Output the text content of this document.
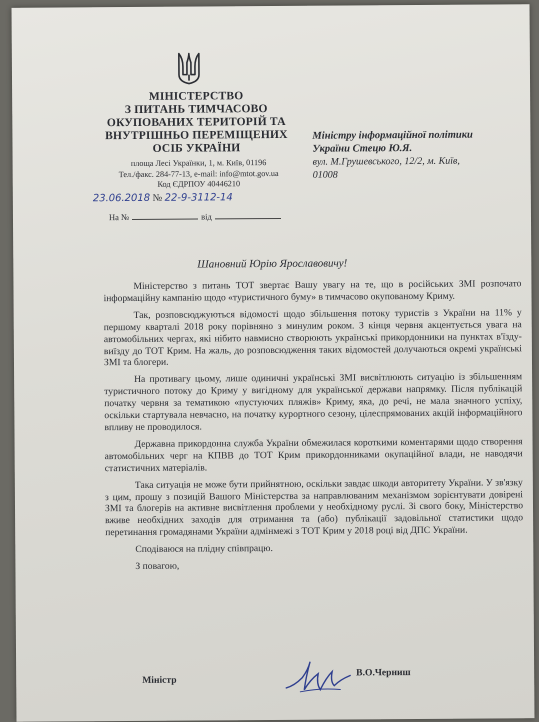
МІНІСТЕРСТВО
З ПИТАНЬ ТИМЧАСОВО
ОКУПОВАНИХ ТЕРИТОРІЙ ТА
ВНУТРІШНЬО ПЕРЕМІЩЕНИХ
ОСІБ УКРАЇНИ
площа Лесі Українки, 1, м. Київ, 01196
Тел./факс. 284-77-13, e-mail: info@mtot.gov.ua
Код ЄДРПОУ 40446210
Міністру інформаційної політики
України Стецю Ю.Я.
вул. М.Грушевського, 12/2, м. Київ,
01008
23.06.2018 № 22-9-3112-14
На №	від
Шановний Юрію Ярославовичу!

Міністерство з питань ТОТ звертає Вашу увагу на те, що в російських ЗМІ розпочато інформаційну кампанію щодо «туристичного буму» в тимчасово окупованому Криму.

Так, розповсюджуються відомості щодо збільшення потоку туристів з України на 11% у першому кварталі 2018 року порівняно з минулим роком. З кінця червня акцентується увага на автомобільних чергах, які нібито навмисно створюють українські прикордонники на пунктах в'їзду-виїзду до ТОТ Крим. На жаль, до розповсюдження таких відомостей долучаються окремі українські ЗМІ та блогери.

На противагу цьому, лише одиничні українські ЗМІ висвітлюють ситуацію із збільшенням туристичного потоку до Криму у вигідному для української держави напрямку. Після публікацій початку червня за тематикою «пустуючих пляжів» Криму, яка, до речі, не мала значного успіху, оскільки стартувала невчасно, на початку курортного сезону, цілеспрямованих акцій інформаційного впливу не проводилося.

Державна прикордонна служба України обмежилася короткими коментарями щодо створення автомобільних черг на КПВВ до ТОТ Крим прикордонниками окупаційної влади, не наводячи статистичних матеріалів.

Така ситуація не може бути прийнятною, оскільки завдає шкоди авторитету України. У зв'язку з цим, прошу з позицій Вашого Міністерства за направлюваним механізмом зорієнтувати довірені ЗМІ та блогерів на активне висвітлення проблеми у необхідному руслі. Зі свого боку, Міністерство вживе необхідних заходів для отримання та (або) публікації задовільної статистики щодо перетинання громадянами України адмінмежі з ТОТ Крим у 2018 році від ДПС України.

Сподіваюся на плідну співпрацю.

З повагою,

Міністр
В.О.Черниш
